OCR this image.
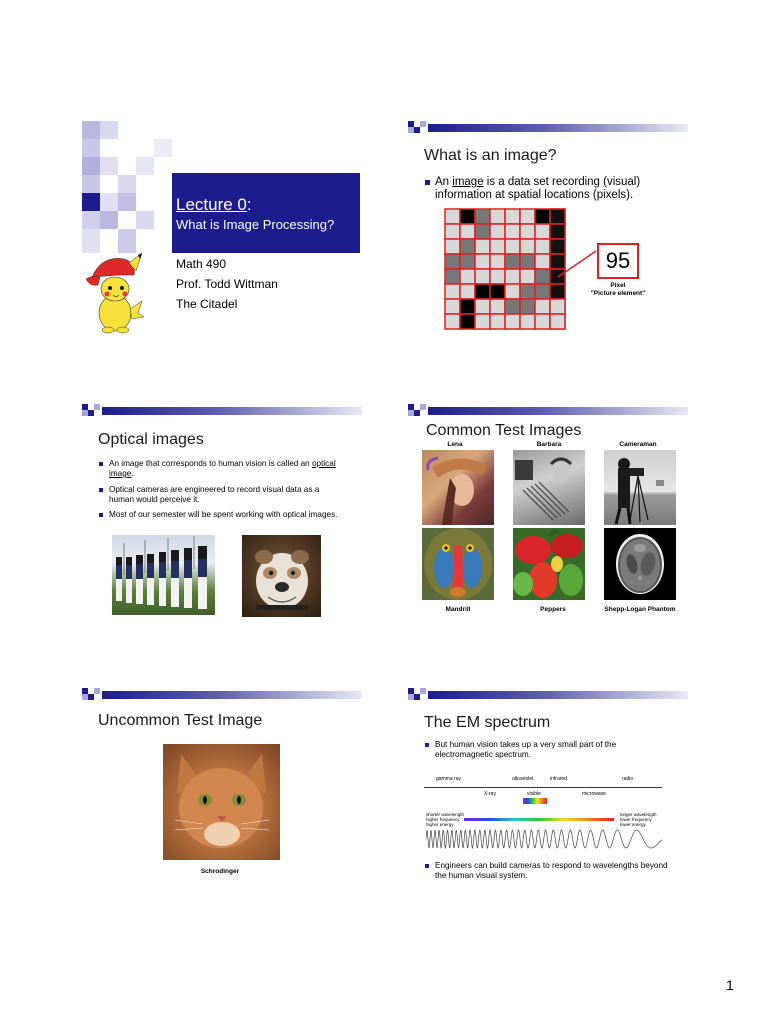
Lecture 0:
What is Image Processing?
Math 490
Prof. Todd Wittman
The Citadel
What is an image?
An image is a data set recording (visual) information at spatial locations (pixels).
95
Pixel
"Picture element"
Optical images
An image that corresponds to human vision is called an optical image.
Optical cameras are engineered to record visual data as a human would perceive it.
Most of our semester will be spent working with optical images.
Common Test Images
Lena	Barbara	Cameraman
Mandrill	Peppers	Shepp-Logan Phantom
Uncommon Test Image
Schrodinger
The EM spectrum
But human vision takes up a very small part of the electromagnetic spectrum.
gamma ray	ultraviolet	infrared	radio
X-ray	visible	microwave
shorter wavelength
higher frequency
higher energy
longer wavelength
lower frequency
lower energy
Engineers can build cameras to respond to wavelengths beyond the human visual system.
1
